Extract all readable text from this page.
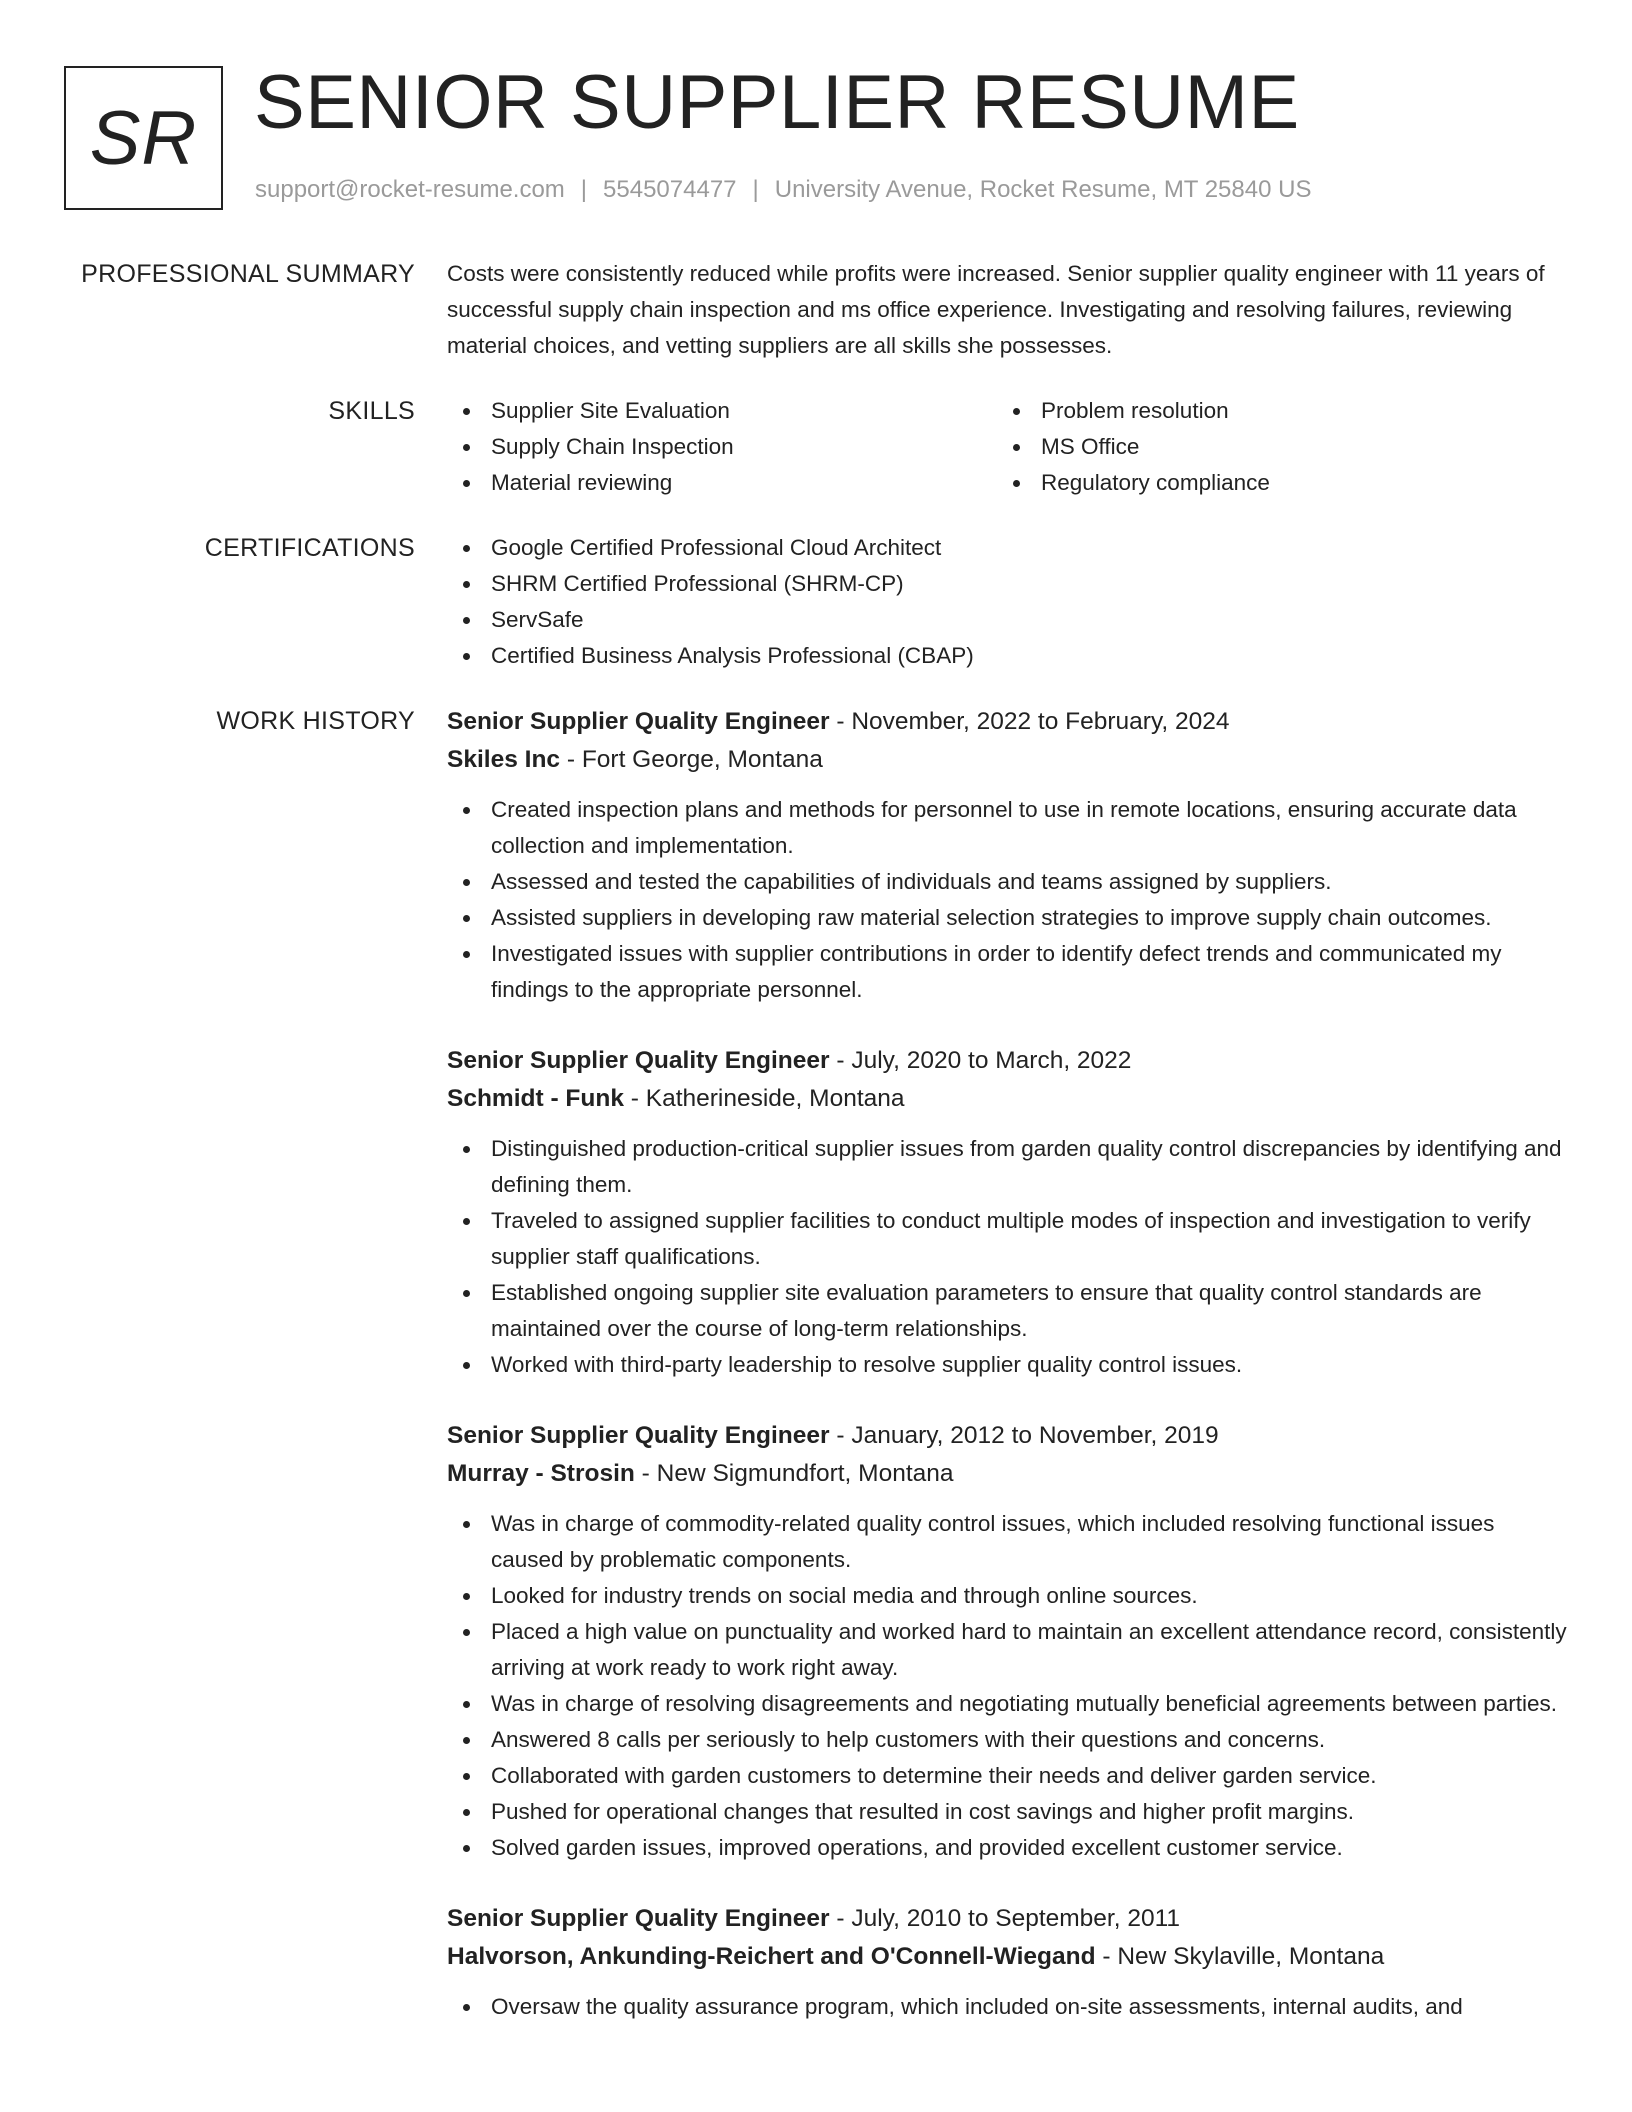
SR SENIOR SUPPLIER RESUME
support@rocket-resume.com | 5545074477 | University Avenue, Rocket Resume, MT 25840 US
PROFESSIONAL SUMMARY Costs were consistently reduced while profits were increased. Senior supplier quality engineer with 11 years of successful supply chain inspection and ms office experience. Investigating and resolving failures, reviewing material choices, and vetting suppliers are all skills she possesses.

SKILLS	Supplier Site Evaluation	Problem resolution
Supply Chain Inspection	MS Office
Material reviewing	Regulatory compliance
CERTIFICATIONS	Google Certified Professional Cloud Architect
SHRM Certified Professional (SHRM-CP)
ServSafe
Certified Business Analysis Professional (CBAP)
WORK HISTORY Senior Supplier Quality Engineer - November, 2022 to February, 2024
Skiles Inc - Fort George, Montana
Created inspection plans and methods for personnel to use in remote locations, ensuring accurate data collection and implementation.
Assessed and tested the capabilities of individuals and teams assigned by suppliers.
Assisted suppliers in developing raw material selection strategies to improve supply chain outcomes.
Investigated issues with supplier contributions in order to identify defect trends and communicated my findings to the appropriate personnel.
Senior Supplier Quality Engineer - July, 2020 to March, 2022
Schmidt - Funk - Katherineside, Montana
Distinguished production-critical supplier issues from garden quality control discrepancies by identifying and defining them.
Traveled to assigned supplier facilities to conduct multiple modes of inspection and investigation to verify supplier staff qualifications.
Established ongoing supplier site evaluation parameters to ensure that quality control standards are maintained over the course of long-term relationships.
Worked with third-party leadership to resolve supplier quality control issues.
Senior Supplier Quality Engineer - January, 2012 to November, 2019
Murray - Strosin - New Sigmundfort, Montana
Was in charge of commodity-related quality control issues, which included resolving functional issues caused by problematic components.
Looked for industry trends on social media and through online sources.
Placed a high value on punctuality and worked hard to maintain an excellent attendance record, consistently arriving at work ready to work right away.
Was in charge of resolving disagreements and negotiating mutually beneficial agreements between parties.
Answered 8 calls per seriously to help customers with their questions and concerns.
Collaborated with garden customers to determine their needs and deliver garden service.
Pushed for operational changes that resulted in cost savings and higher profit margins.
Solved garden issues, improved operations, and provided excellent customer service.
Senior Supplier Quality Engineer - July, 2010 to September, 2011
Halvorson, Ankunding-Reichert and O'Connell-Wiegand - New Skylaville, Montana
Oversaw the quality assurance program, which included on-site assessments, internal audits, and
